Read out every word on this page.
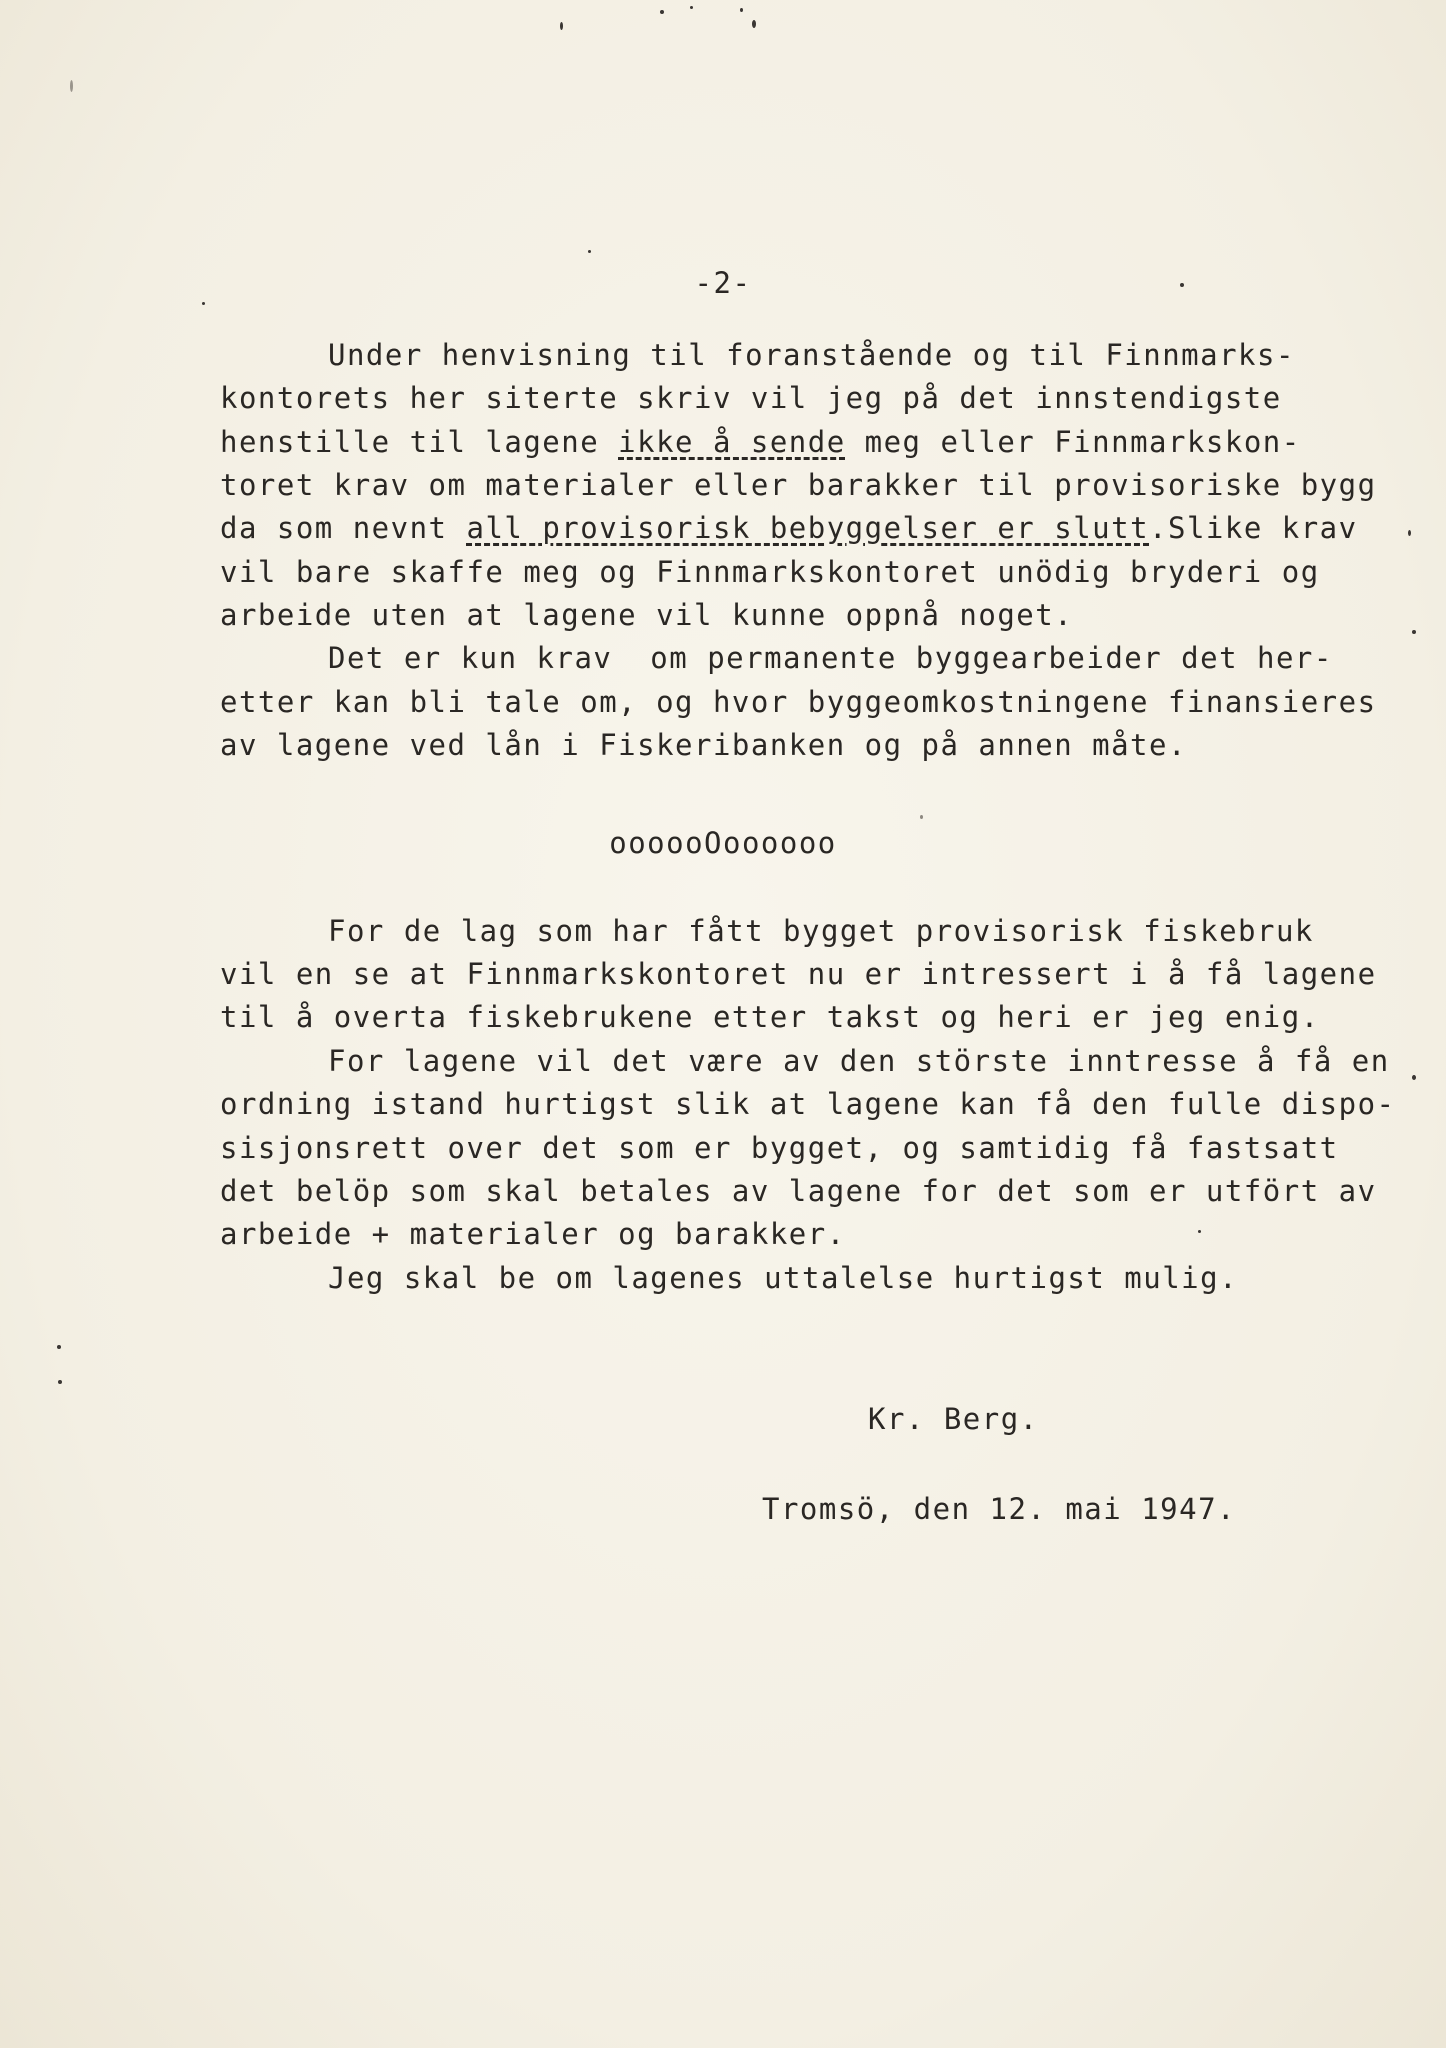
-2-
Under henvisning til foranstående og til Finnmarks-
kontorets her siterte skriv vil jeg på det innstendigste
henstille til lagene ikke å sende meg eller Finnmarkskon-
toret krav om materialer eller barakker til provisoriske bygg
da som nevnt all provisorisk bebyggelser er slutt.Slike krav
vil bare skaffe meg og Finnmarkskontoret unödig bryderi og
arbeide uten at lagene vil kunne oppnå noget.
Det er kun krav  om permanente byggearbeider det her-
etter kan bli tale om, og hvor byggeomkostningene finansieres
av lagene ved lån i Fiskeribanken og på annen måte.
oooooOoooooo
For de lag som har fått bygget provisorisk fiskebruk
vil en se at Finnmarkskontoret nu er intressert i å få lagene
til å overta fiskebrukene etter takst og heri er jeg enig.
For lagene vil det være av den störste inntresse å få en
ordning istand hurtigst slik at lagene kan få den fulle dispo-
sisjonsrett over det som er bygget, og samtidig få fastsatt
det belöp som skal betales av lagene for det som er utfört av
arbeide + materialer og barakker.
Jeg skal be om lagenes uttalelse hurtigst mulig.
Kr. Berg.
Tromsö, den 12. mai 1947.
